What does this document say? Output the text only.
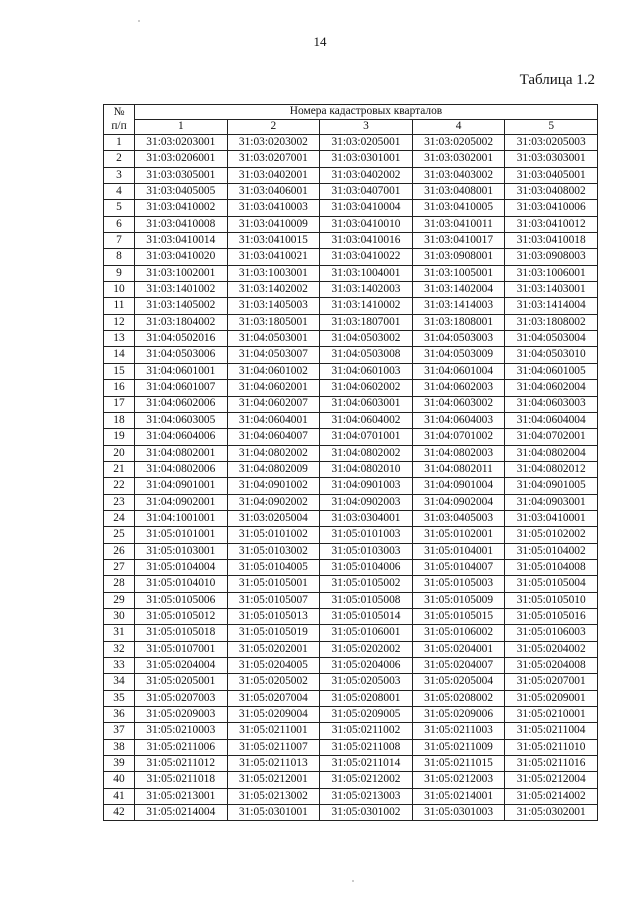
14
Таблица 1.2
№
п/п	Номера кадастровых кварталов				
	1	2	3	4	5
1	31:03:0203001	31:03:0203002	31:03:0205001	31:03:0205002	31:03:0205003
2	31:03:0206001	31:03:0207001	31:03:0301001	31:03:0302001	31:03:0303001
3	31:03:0305001	31:03:0402001	31:03:0402002	31:03:0403002	31:03:0405001
4	31:03:0405005	31:03:0406001	31:03:0407001	31:03:0408001	31:03:0408002
5	31:03:0410002	31:03:0410003	31:03:0410004	31:03:0410005	31:03:0410006
6	31:03:0410008	31:03:0410009	31:03:0410010	31:03:0410011	31:03:0410012
7	31:03:0410014	31:03:0410015	31:03:0410016	31:03:0410017	31:03:0410018
8	31:03:0410020	31:03:0410021	31:03:0410022	31:03:0908001	31:03:0908003
9	31:03:1002001	31:03:1003001	31:03:1004001	31:03:1005001	31:03:1006001
10	31:03:1401002	31:03:1402002	31:03:1402003	31:03:1402004	31:03:1403001
11	31:03:1405002	31:03:1405003	31:03:1410002	31:03:1414003	31:03:1414004
12	31:03:1804002	31:03:1805001	31:03:1807001	31:03:1808001	31:03:1808002
13	31:04:0502016	31:04:0503001	31:04:0503002	31:04:0503003	31:04:0503004
14	31:04:0503006	31:04:0503007	31:04:0503008	31:04:0503009	31:04:0503010
15	31:04:0601001	31:04:0601002	31:04:0601003	31:04:0601004	31:04:0601005
16	31:04:0601007	31:04:0602001	31:04:0602002	31:04:0602003	31:04:0602004
17	31:04:0602006	31:04:0602007	31:04:0603001	31:04:0603002	31:04:0603003
18	31:04:0603005	31:04:0604001	31:04:0604002	31:04:0604003	31:04:0604004
19	31:04:0604006	31:04:0604007	31:04:0701001	31:04:0701002	31:04:0702001
20	31:04:0802001	31:04:0802002	31:04:0802002	31:04:0802003	31:04:0802004
21	31:04:0802006	31:04:0802009	31:04:0802010	31:04:0802011	31:04:0802012
22	31:04:0901001	31:04:0901002	31:04:0901003	31:04:0901004	31:04:0901005
23	31:04:0902001	31:04:0902002	31:04:0902003	31:04:0902004	31:04:0903001
24	31:04:1001001	31:03:0205004	31:03:0304001	31:03:0405003	31:03:0410001
25	31:05:0101001	31:05:0101002	31:05:0101003	31:05:0102001	31:05:0102002
26	31:05:0103001	31:05:0103002	31:05:0103003	31:05:0104001	31:05:0104002
27	31:05:0104004	31:05:0104005	31:05:0104006	31:05:0104007	31:05:0104008
28	31:05:0104010	31:05:0105001	31:05:0105002	31:05:0105003	31:05:0105004
29	31:05:0105006	31:05:0105007	31:05:0105008	31:05:0105009	31:05:0105010
30	31:05:0105012	31:05:0105013	31:05:0105014	31:05:0105015	31:05:0105016
31	31:05:0105018	31:05:0105019	31:05:0106001	31:05:0106002	31:05:0106003
32	31:05:0107001	31:05:0202001	31:05:0202002	31:05:0204001	31:05:0204002
33	31:05:0204004	31:05:0204005	31:05:0204006	31:05:0204007	31:05:0204008
34	31:05:0205001	31:05:0205002	31:05:0205003	31:05:0205004	31:05:0207001
35	31:05:0207003	31:05:0207004	31:05:0208001	31:05:0208002	31:05:0209001
36	31:05:0209003	31:05:0209004	31:05:0209005	31:05:0209006	31:05:0210001
37	31:05:0210003	31:05:0211001	31:05:0211002	31:05:0211003	31:05:0211004
38	31:05:0211006	31:05:0211007	31:05:0211008	31:05:0211009	31:05:0211010
39	31:05:0211012	31:05:0211013	31:05:0211014	31:05:0211015	31:05:0211016
40	31:05:0211018	31:05:0212001	31:05:0212002	31:05:0212003	31:05:0212004
41	31:05:0213001	31:05:0213002	31:05:0213003	31:05:0214001	31:05:0214002
42	31:05:0214004	31:05:0301001	31:05:0301002	31:05:0301003	31:05:0302001
